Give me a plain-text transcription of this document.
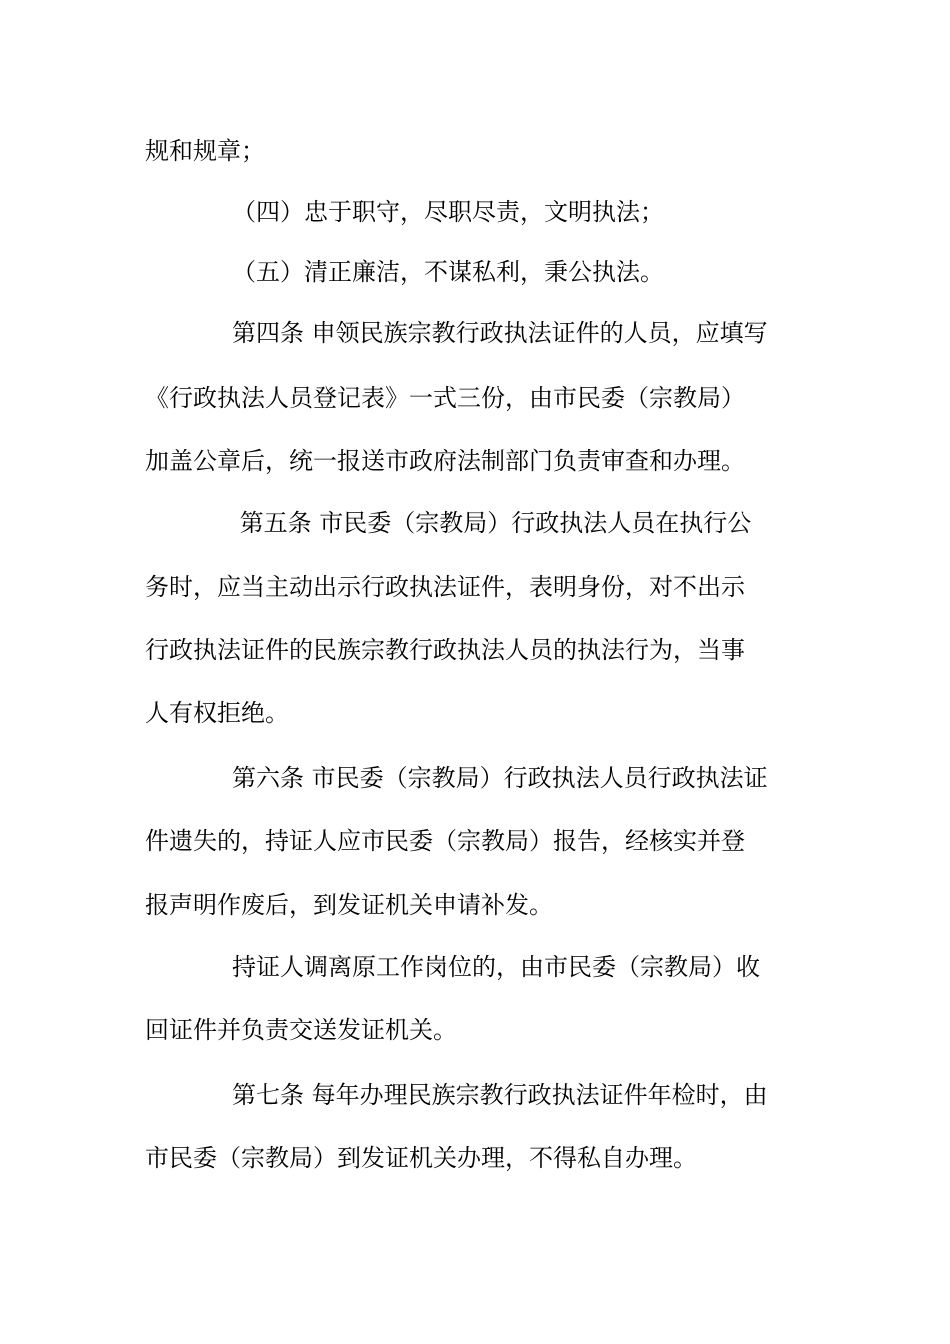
规和规章；
（四）忠于职守，尽职尽责，文明执法；
（五）清正廉洁，不谋私利，秉公执法。
第四条 申领民族宗教行政执法证件的人员，应填写
《行政执法人员登记表》一式三份，由市民委（宗教局）
加盖公章后，统一报送市政府法制部门负责审查和办理。
第五条 市民委（宗教局）行政执法人员在执行公
务时，应当主动出示行政执法证件，表明身份，对不出示
行政执法证件的民族宗教行政执法人员的执法行为，当事
人有权拒绝。
第六条 市民委（宗教局）行政执法人员行政执法证
件遗失的，持证人应市民委（宗教局）报告，经核实并登
报声明作废后，到发证机关申请补发。
持证人调离原工作岗位的，由市民委（宗教局）收
回证件并负责交送发证机关。
第七条 每年办理民族宗教行政执法证件年检时，由
市民委（宗教局）到发证机关办理，不得私自办理。
